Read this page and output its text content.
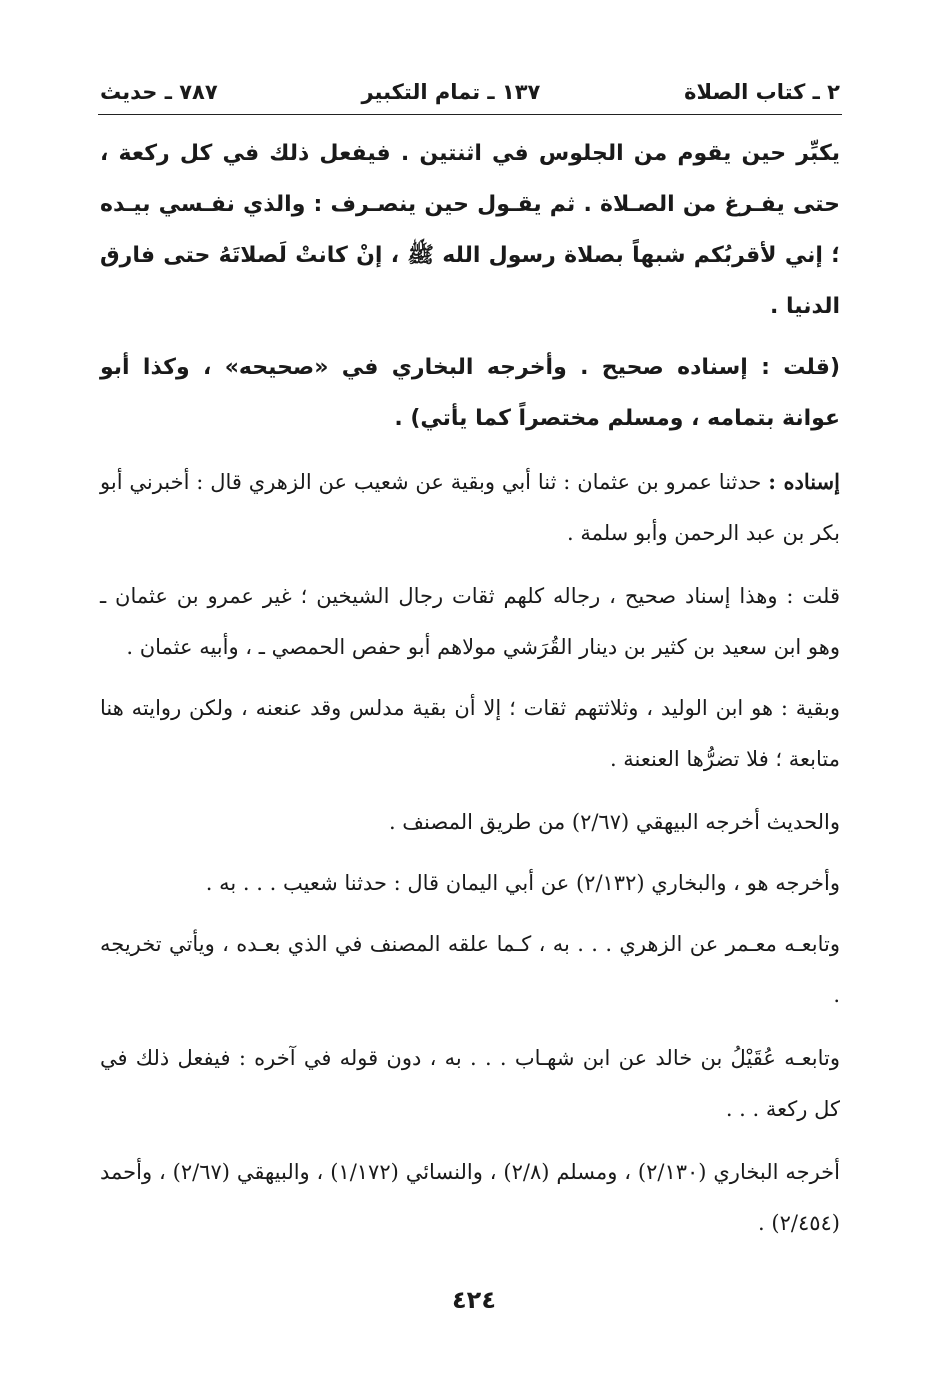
٢ ـ كتاب الصلاة
١٣٧ ـ تمام التكبير
٧٨٧ ـ حديث

يكبِّر حين يقوم من الجلوس في اثنتين . فيفعل ذلك في كل ركعة ، حتى يفـرغ من الصـلاة . ثم يقـول حين ينصـرف : والذي نفـسي بيـده ؛ إني لأقربُكم شبهاً بصلاة رسول الله ﷺ ، إنْ كانتْ لَصلاتَهُ حتى فارق الدنيا .

(قلت : إسناده صحيح . وأخرجه البخاري في «صحيحه» ، وكذا أبو عوانة بتمامه ، ومسلم مختصراً كما يأتي) .

إسناده : حدثنا عمرو بن عثمان : ثنا أبي وبقية عن شعيب عن الزهري قال : أخبرني أبو بكر بن عبد الرحمن وأبو سلمة .

قلت : وهذا إسناد صحيح ، رجاله كلهم ثقات رجال الشيخين ؛ غير عمرو بن عثمان ـ وهو ابن سعيد بن كثير بن دينار القُرَشي مولاهم أبو حفص الحمصي ـ ، وأبيه عثمان .

وبقية : هو ابن الوليد ، وثلاثتهم ثقات ؛ إلا أن بقية مدلس وقد عنعنه ، ولكن روايته هنا متابعة ؛ فلا تضرُّها العنعنة .

والحديث أخرجه البيهقي (٢/٦٧) من طريق المصنف .

وأخرجه هو ، والبخاري (٢/١٣٢) عن أبي اليمان قال : حدثنا شعيب . . . به .

وتابعـه معـمر عن الزهري . . . به ، كـما علقه المصنف في الذي بعـده ، ويأتي تخريجه .

وتابعـه عُقَيْلُ بن خالد عن ابن شهـاب . . . به ، دون قوله في آخره : فيفعل ذلك في كل ركعة . . .

أخرجه البخاري (٢/١٣٠) ، ومسلم (٢/٨) ، والنسائي (١/١٧٢) ، والبيهقي (٢/٦٧) ، وأحمد (٢/٤٥٤) .

٤٢٤
